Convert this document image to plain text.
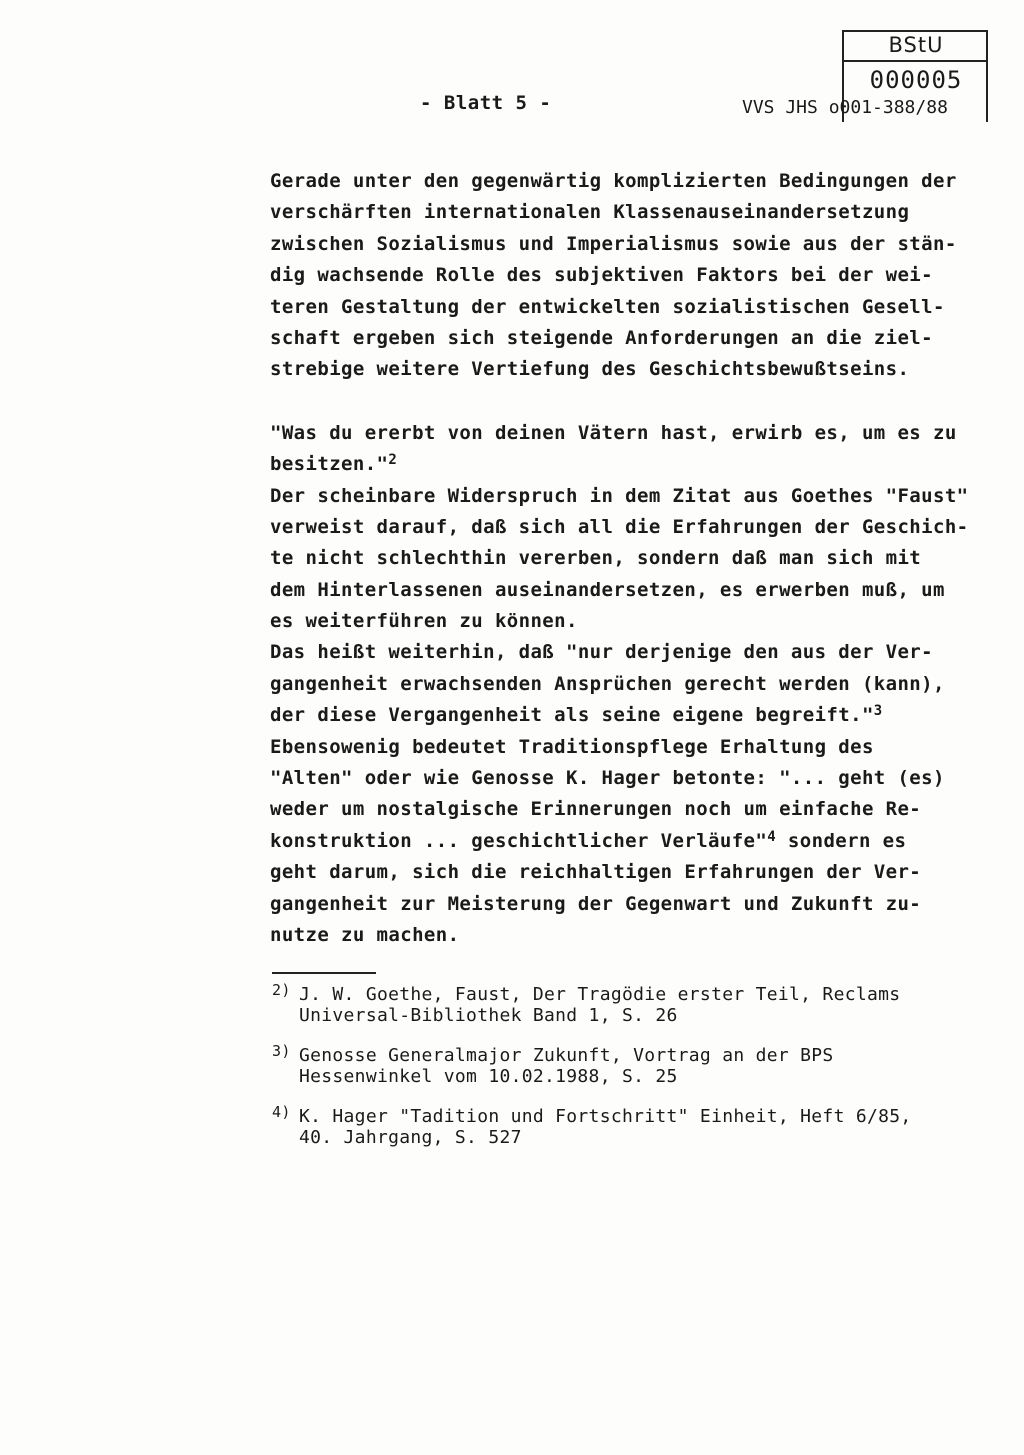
BStU
000005
- Blatt 5 -	VVS JHS o001-388/88
Gerade unter den gegenwärtig komplizierten Bedingungen der
verschärften internationalen Klassenauseinandersetzung
zwischen Sozialismus und Imperialismus sowie aus der stän-
dig wachsende Rolle des subjektiven Faktors bei der wei-
teren Gestaltung der entwickelten sozialistischen Gesell-
schaft ergeben sich steigende Anforderungen an die ziel-
strebige weitere Vertiefung des Geschichtsbewußtseins.
"Was du ererbt von deinen Vätern hast, erwirb es, um es zu
besitzen."$^2$
Der scheinbare Widerspruch in dem Zitat aus Goethes "Faust"
verweist darauf, daß sich all die Erfahrungen der Geschich-
te nicht schlechthin vererben, sondern daß man sich mit
dem Hinterlassenen auseinandersetzen, es erwerben muß, um
es weiterführen zu können.
Das heißt weiterhin, daß "nur derjenige den aus der Ver-
gangenheit erwachsenden Ansprüchen gerecht werden (kann),
der diese Vergangenheit als seine eigene begreift."$^3$
Ebensowenig bedeutet Traditionspflege Erhaltung des
"Alten" oder wie Genosse K. Hager betonte: "... geht (es)
weder um nostalgische Erinnerungen noch um einfache Re-
konstruktion ... geschichtlicher Verläufe"$^4$ sondern es
geht darum, sich die reichhaltigen Erfahrungen der Ver-
gangenheit zur Meisterung der Gegenwart und Zukunft zu-
nutze zu machen.
2) J. W. Goethe, Faust, Der Tragödie erster Teil, Reclams
Universal-Bibliothek Band 1, S. 26
3) Genosse Generalmajor Zukunft, Vortrag an der BPS
Hessenwinkel vom 10.02.1988, S. 25
4) K. Hager "Tadition und Fortschritt" Einheit, Heft 6/85,
40. Jahrgang, S. 527
